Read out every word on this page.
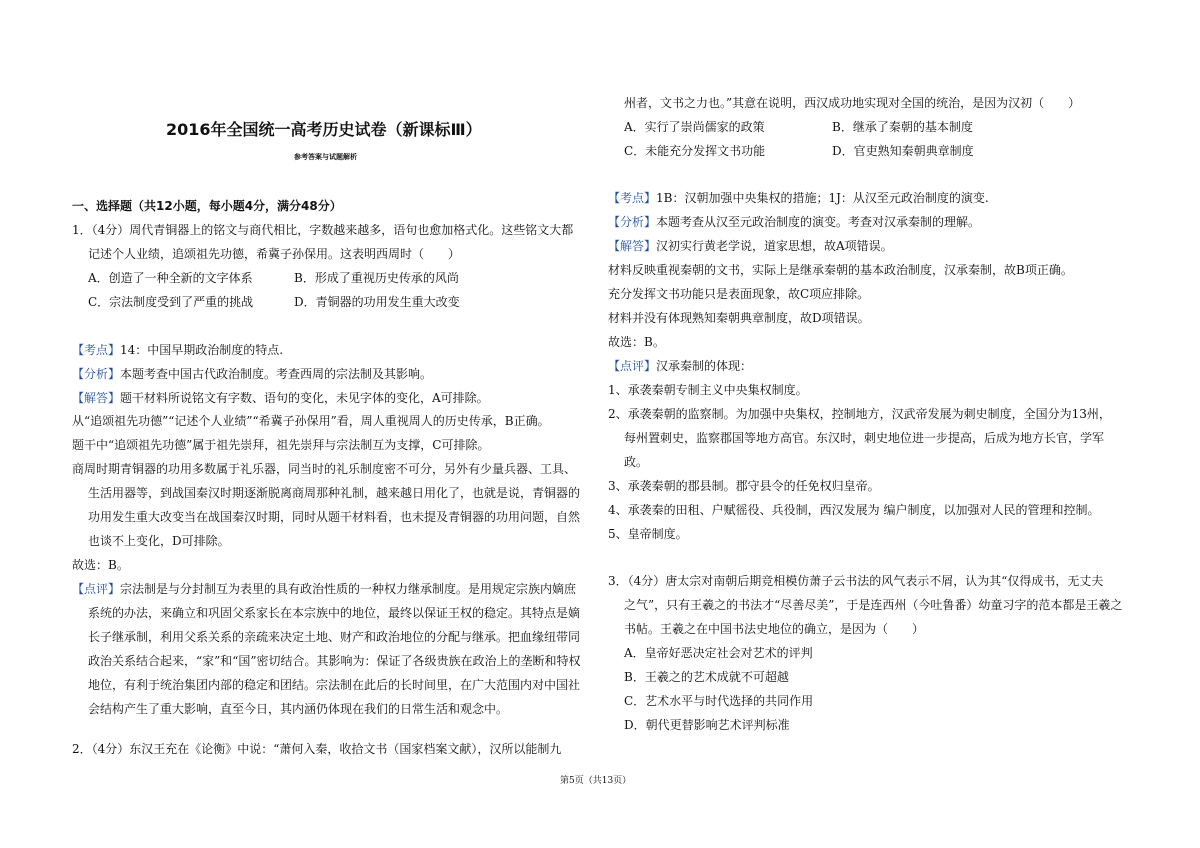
2016年全国统一高考历史试卷（新课标Ⅲ）
参考答案与试题解析
一、选择题（共12小题，每小题4分，满分48分）
1．（4分）周代青铜器上的铭文与商代相比，字数越来越多，语句也愈加格式化。这些铭文大都
记述个人业绩，追颂祖先功德，希冀子孙保用。这表明西周时（　　）
A．创造了一种全新的文字体系	B．形成了重视历史传承的风尚
C．宗法制度受到了严重的挑战	D．青铜器的功用发生重大改变
【考点】14：中国早期政治制度的特点.
【分析】本题考查中国古代政治制度。考查西周的宗法制及其影响。
【解答】题干材料所说铭文有字数、语句的变化，未见字体的变化，A可排除。
从“追颂祖先功德”“记述个人业绩”“希冀子孙保用”看，周人重视周人的历史传承，B正确。
题干中“追颂祖先功德”属于祖先崇拜，祖先崇拜与宗法制互为支撑，C可排除。
商周时期青铜器的功用多数属于礼乐器，同当时的礼乐制度密不可分，另外有少量兵器、工具、
生活用器等，到战国秦汉时期逐渐脱离商周那种礼制，越来越日用化了，也就是说，青铜器的
功用发生重大改变当在战国秦汉时期，同时从题干材料看，也未提及青铜器的功用问题，自然
也谈不上变化，D可排除。
故选：B。
【点评】宗法制是与分封制互为表里的具有政治性质的一种权力继承制度。是用规定宗族内嫡庶
系统的办法，来确立和巩固父系家长在本宗族中的地位，最终以保证王权的稳定。其特点是嫡
长子继承制，利用父系关系的亲疏来决定土地、财产和政治地位的分配与继承。把血缘纽带同
政治关系结合起来，“家”和“国”密切结合。其影响为：保证了各级贵族在政治上的垄断和特权
地位，有利于统治集团内部的稳定和团结。宗法制在此后的长时间里，在广大范围内对中国社
会结构产生了重大影响，直至今日，其内涵仍体现在我们的日常生活和观念中。
2．（4分）东汉王充在《论衡》中说：“萧何入秦，收拾文书（国家档案文献），汉所以能制九
州者，文书之力也。”其意在说明，西汉成功地实现对全国的统治，是因为汉初（　　）
A．实行了崇尚儒家的政策	B．继承了秦朝的基本制度
C．未能充分发挥文书功能	D．官吏熟知秦朝典章制度
【考点】1B：汉朝加强中央集权的措施；1J：从汉至元政治制度的演变.
【分析】本题考查从汉至元政治制度的演变。考查对汉承秦制的理解。
【解答】汉初实行黄老学说，道家思想，故A项错误。
材料反映重视秦朝的文书，实际上是继承秦朝的基本政治制度，汉承秦制，故B项正确。
充分发挥文书功能只是表面现象，故C项应排除。
材料并没有体现熟知秦朝典章制度，故D项错误。
故选：B。
【点评】汉承秦制的体现：
1、承袭秦朝专制主义中央集权制度。
2、承袭秦朝的监察制。为加强中央集权，控制地方，汉武帝发展为刺史制度，全国分为13州，
每州置刺史，监察郡国等地方高官。东汉时，刺史地位进一步提高，后成为地方长官，学军
政。
3、承袭秦朝的郡县制。郡守县令的任免权归皇帝。
4、承袭秦的田租、户赋徭役、兵役制，西汉发展为 编户制度，以加强对人民的管理和控制。
5、皇帝制度。
3．（4分）唐太宗对南朝后期竞相模仿萧子云书法的风气表示不屑，认为其“仅得成书，无丈夫
之气”，只有王羲之的书法才“尽善尽美”，于是连西州（今吐鲁番）幼童习字的范本都是王羲之
书帖。王羲之在中国书法史地位的确立，是因为（　　）
A．皇帝好恶决定社会对艺术的评判
B．王羲之的艺术成就不可超越
C．艺术水平与时代选择的共同作用
D．朝代更替影响艺术评判标准
第5页（共13页）
